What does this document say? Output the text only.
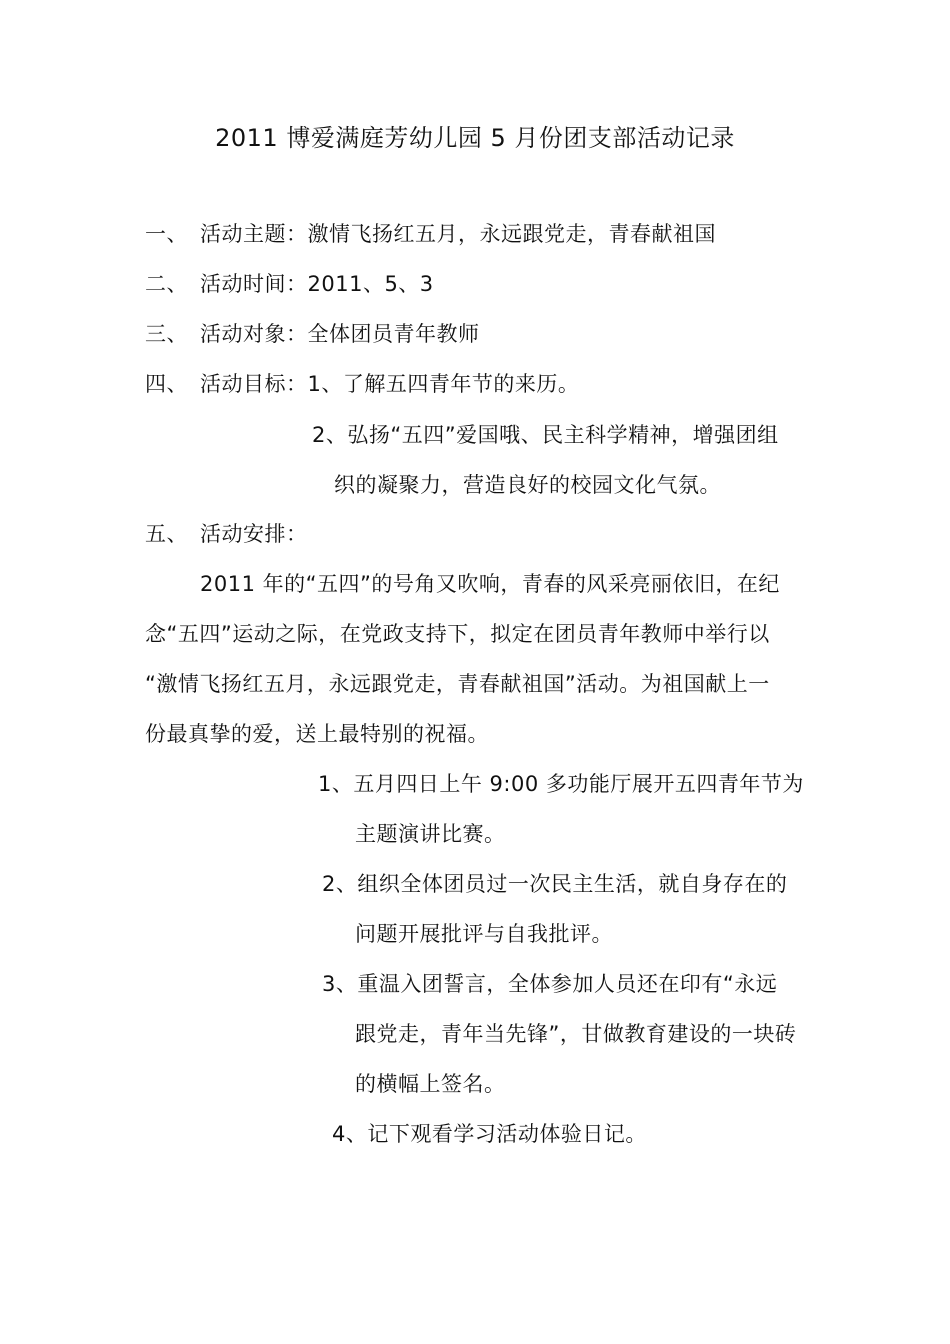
2011 博爱满庭芳幼儿园 5 月份团支部活动记录
一、 活动主题：激情飞扬红五月，永远跟党走，青春献祖国
二、 活动时间：2011、5、3
三、 活动对象：全体团员青年教师
四、 活动目标：1、了解五四青年节的来历。
2、弘扬“五四”爱国哦、民主科学精神，增强团组
织的凝聚力，营造良好的校园文化气氛。
五、 活动安排：
2011 年的“五四”的号角又吹响，青春的风采亮丽依旧，在纪
念“五四”运动之际，在党政支持下，拟定在团员青年教师中举行以
“激情飞扬红五月，永远跟党走，青春献祖国”活动。为祖国献上一
份最真挚的爱，送上最特别的祝福。
1、五月四日上午 9:00 多功能厅展开五四青年节为
主题演讲比赛。
2、组织全体团员过一次民主生活，就自身存在的
问题开展批评与自我批评。
3、重温入团誓言，全体参加人员还在印有“永远
跟党走，青年当先锋”，甘做教育建设的一块砖
的横幅上签名。
4、记下观看学习活动体验日记。
